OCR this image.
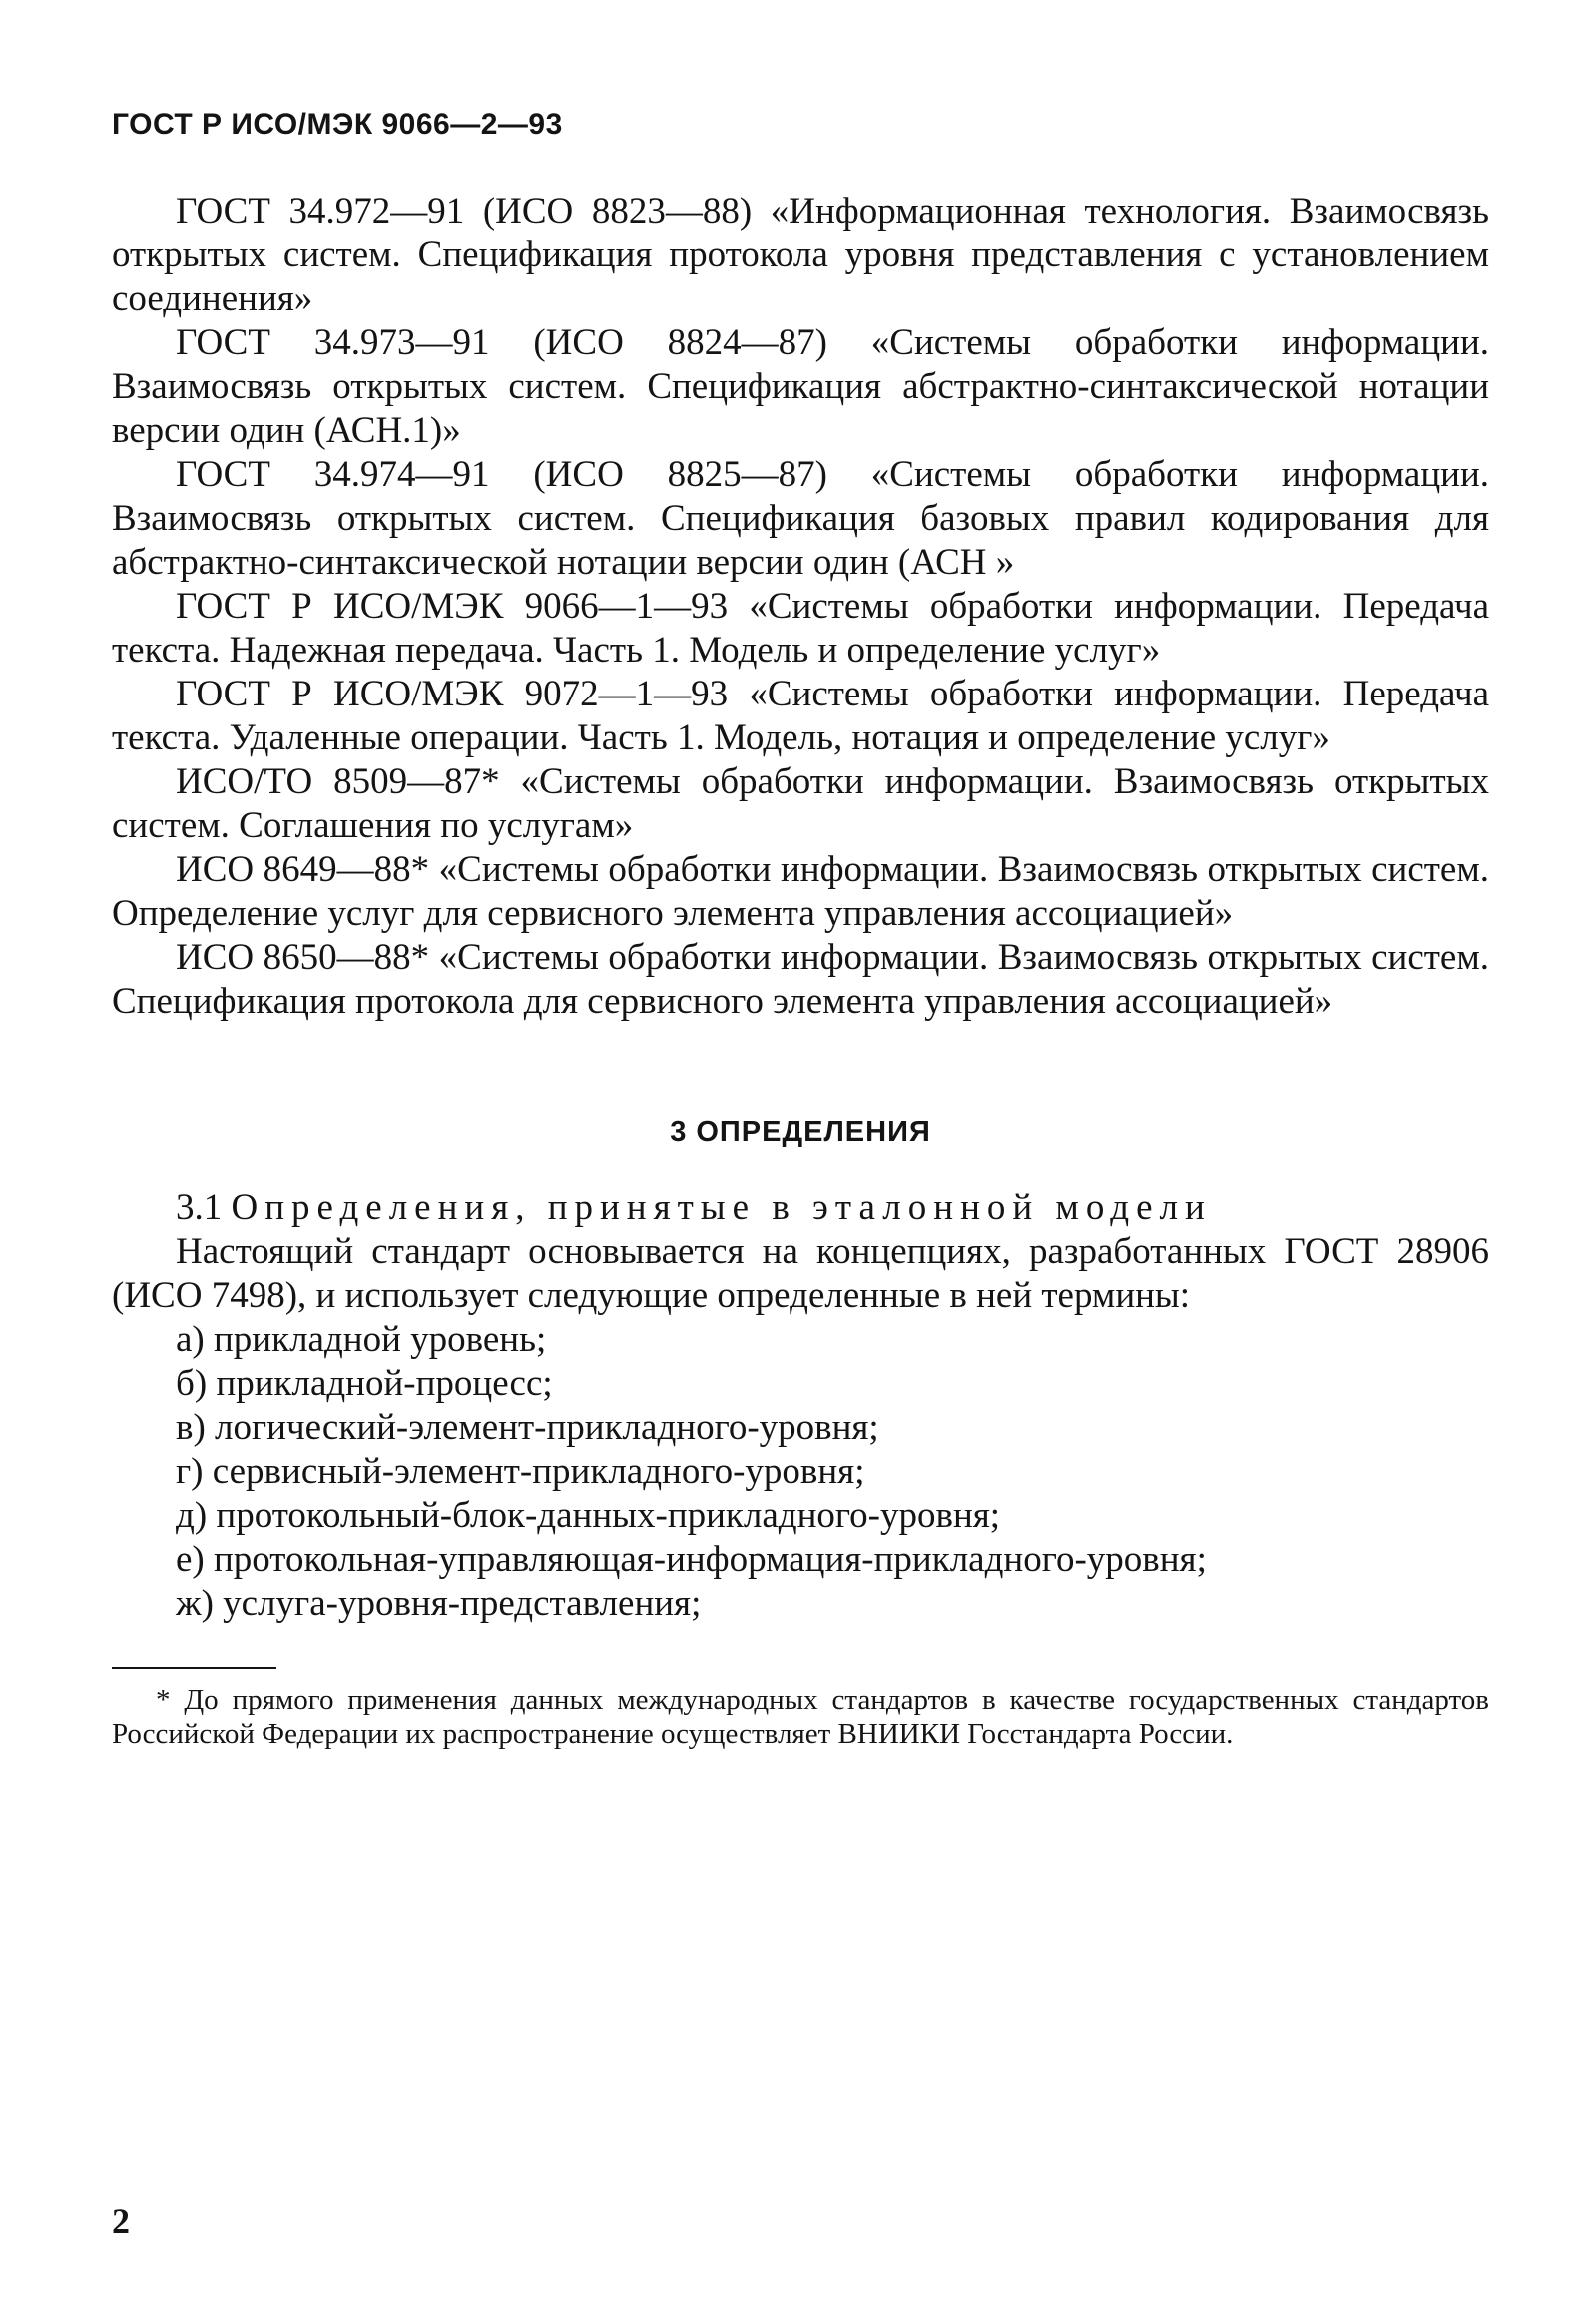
ГОСТ Р ИСО/МЭК 9066—2—93

ГОСТ 34.972—91 (ИСО 8823—88) «Информационная технология. Взаимосвязь открытых систем. Спецификация протокола уровня представления с установлением соединения»

ГОСТ 34.973—91 (ИСО 8824—87) «Системы обработки информации. Взаимосвязь открытых систем. Спецификация абстрактно-синтаксической нотации версии один (АСН.1)»

ГОСТ 34.974—91 (ИСО 8825—87) «Системы обработки информации. Взаимосвязь открытых систем. Спецификация базовых правил кодирования для абстрактно-синтаксической нотации версии один (АСН »

ГОСТ Р ИСО/МЭК 9066—1—93 «Системы обработки информации. Передача текста. Надежная передача. Часть 1. Модель и определение услуг»

ГОСТ Р ИСО/МЭК 9072—1—93 «Системы обработки информации. Передача текста. Удаленные операции. Часть 1. Модель, нотация и определение услуг»

ИСО/ТО 8509—87* «Системы обработки информации. Взаимосвязь открытых систем. Соглашения по услугам»

ИСО 8649—88* «Системы обработки информации. Взаимосвязь открытых систем. Определение услуг для сервисного элемента управления ассоциацией»

ИСО 8650—88* «Системы обработки информации. Взаимосвязь открытых систем. Спецификация протокола для сервисного элемента управления ассоциацией»

3 ОПРЕДЕЛЕНИЯ

3.1 Определения, принятые в эталонной модели

Настоящий стандарт основывается на концепциях, разработанных ГОСТ 28906 (ИСО 7498), и использует следующие определенные в ней термины:

а) прикладной уровень;
б) прикладной-процесс;
в) логический-элемент-прикладного-уровня;
г) сервисный-элемент-прикладного-уровня;
д) протокольный-блок-данных-прикладного-уровня;
е) протокольная-управляющая-информация-прикладного-уровня;
ж) услуга-уровня-представления;

* До прямого применения данных международных стандартов в качестве государственных стандартов Российской Федерации их распространение осуществляет ВНИИКИ Госстандарта России.

2
